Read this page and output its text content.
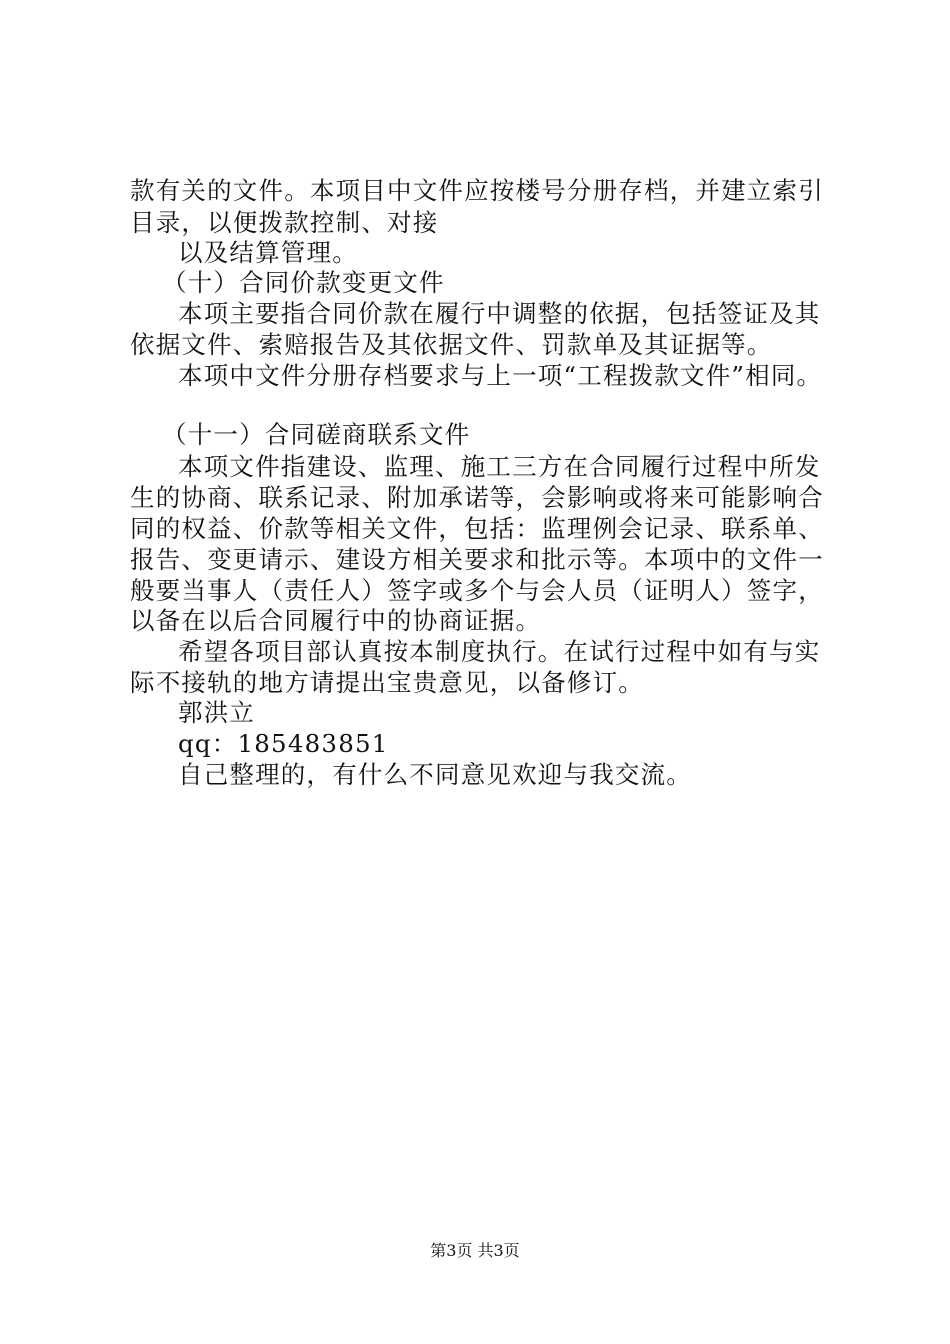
款有关的文件。本项目中文件应按楼号分册存档，并建立索引
目录，以便拨款控制、对接
以及结算管理。
（十）合同价款变更文件
本项主要指合同价款在履行中调整的依据，包括签证及其
依据文件、索赔报告及其依据文件、罚款单及其证据等。
本项中文件分册存档要求与上一项“工程拨款文件”相同。
（十一）合同磋商联系文件
本项文件指建设、监理、施工三方在合同履行过程中所发
生的协商、联系记录、附加承诺等，会影响或将来可能影响合
同的权益、价款等相关文件，包括：监理例会记录、联系单、
报告、变更请示、建设方相关要求和批示等。本项中的文件一
般要当事人（责任人）签字或多个与会人员（证明人）签字，
以备在以后合同履行中的协商证据。
希望各项目部认真按本制度执行。在试行过程中如有与实
际不接轨的地方请提出宝贵意见，以备修订。
郭洪立
qq：185483851
自己整理的，有什么不同意见欢迎与我交流。
第3页 共3页
